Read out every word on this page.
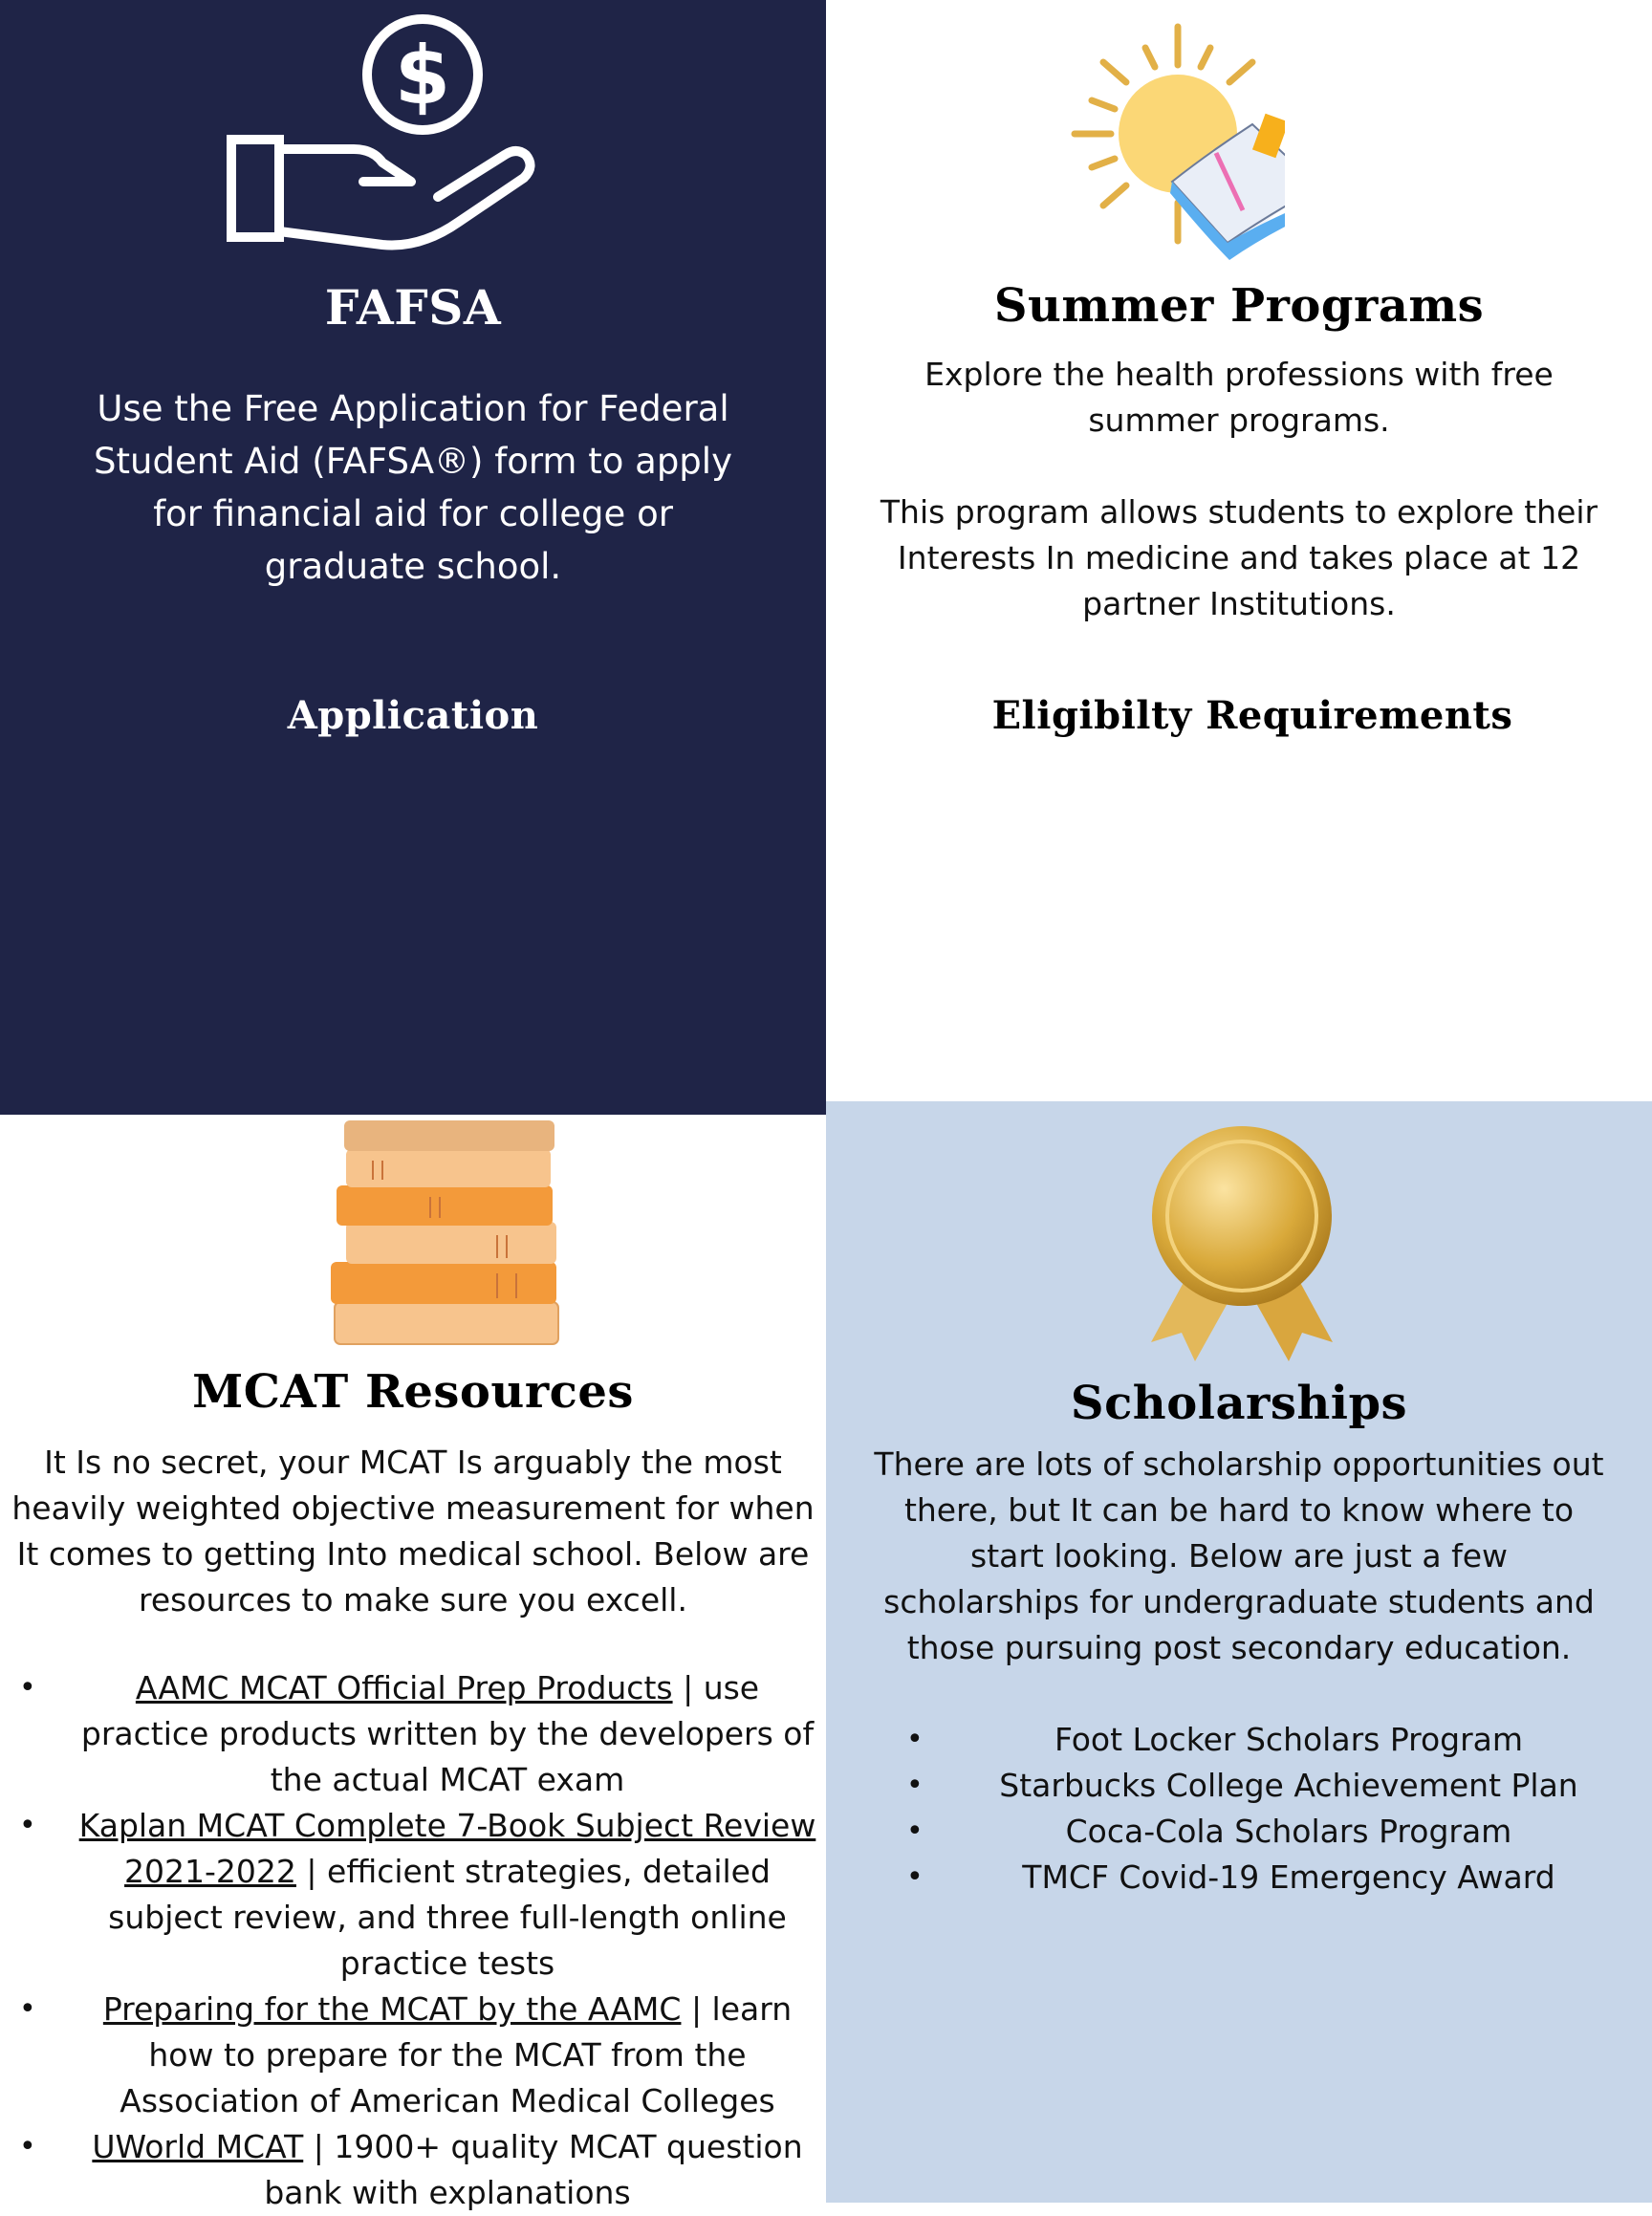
$
FAFSA
Use the Free Application for Federal Student Aid (FAFSA®) form to apply for financial aid for college or graduate school.
Application
Summer Programs
Explore the health professions with free summer programs.
This program allows students to explore their Interests In medicine and takes place at 12 partner Institutions.
Eligibilty Requirements
MCAT Resources
It Is no secret, your MCAT Is arguably the most heavily weighted objective measurement for when It comes to getting Into medical school. Below are resources to make sure you excell.
•	AAMC MCAT Official Prep Products | use practice products written by the developers of the actual MCAT exam
• Kaplan MCAT Complete 7-Book Subject Review 2021-2022 | efficient strategies, detailed subject review, and three full-length online practice tests
• Preparing for the MCAT by the AAMC | learn how to prepare for the MCAT from the Association of American Medical Colleges
• UWorld MCAT | 1900+ quality MCAT question bank with explanations
Scholarships
There are lots of scholarship opportunities out there, but It can be hard to know where to start looking. Below are just a few scholarships for undergraduate students and those pursuing post secondary education.
•	Foot Locker Scholars Program
• Starbucks College Achievement Plan
•	Coca-Cola Scholars Program
•	TMCF Covid-19 Emergency Award
